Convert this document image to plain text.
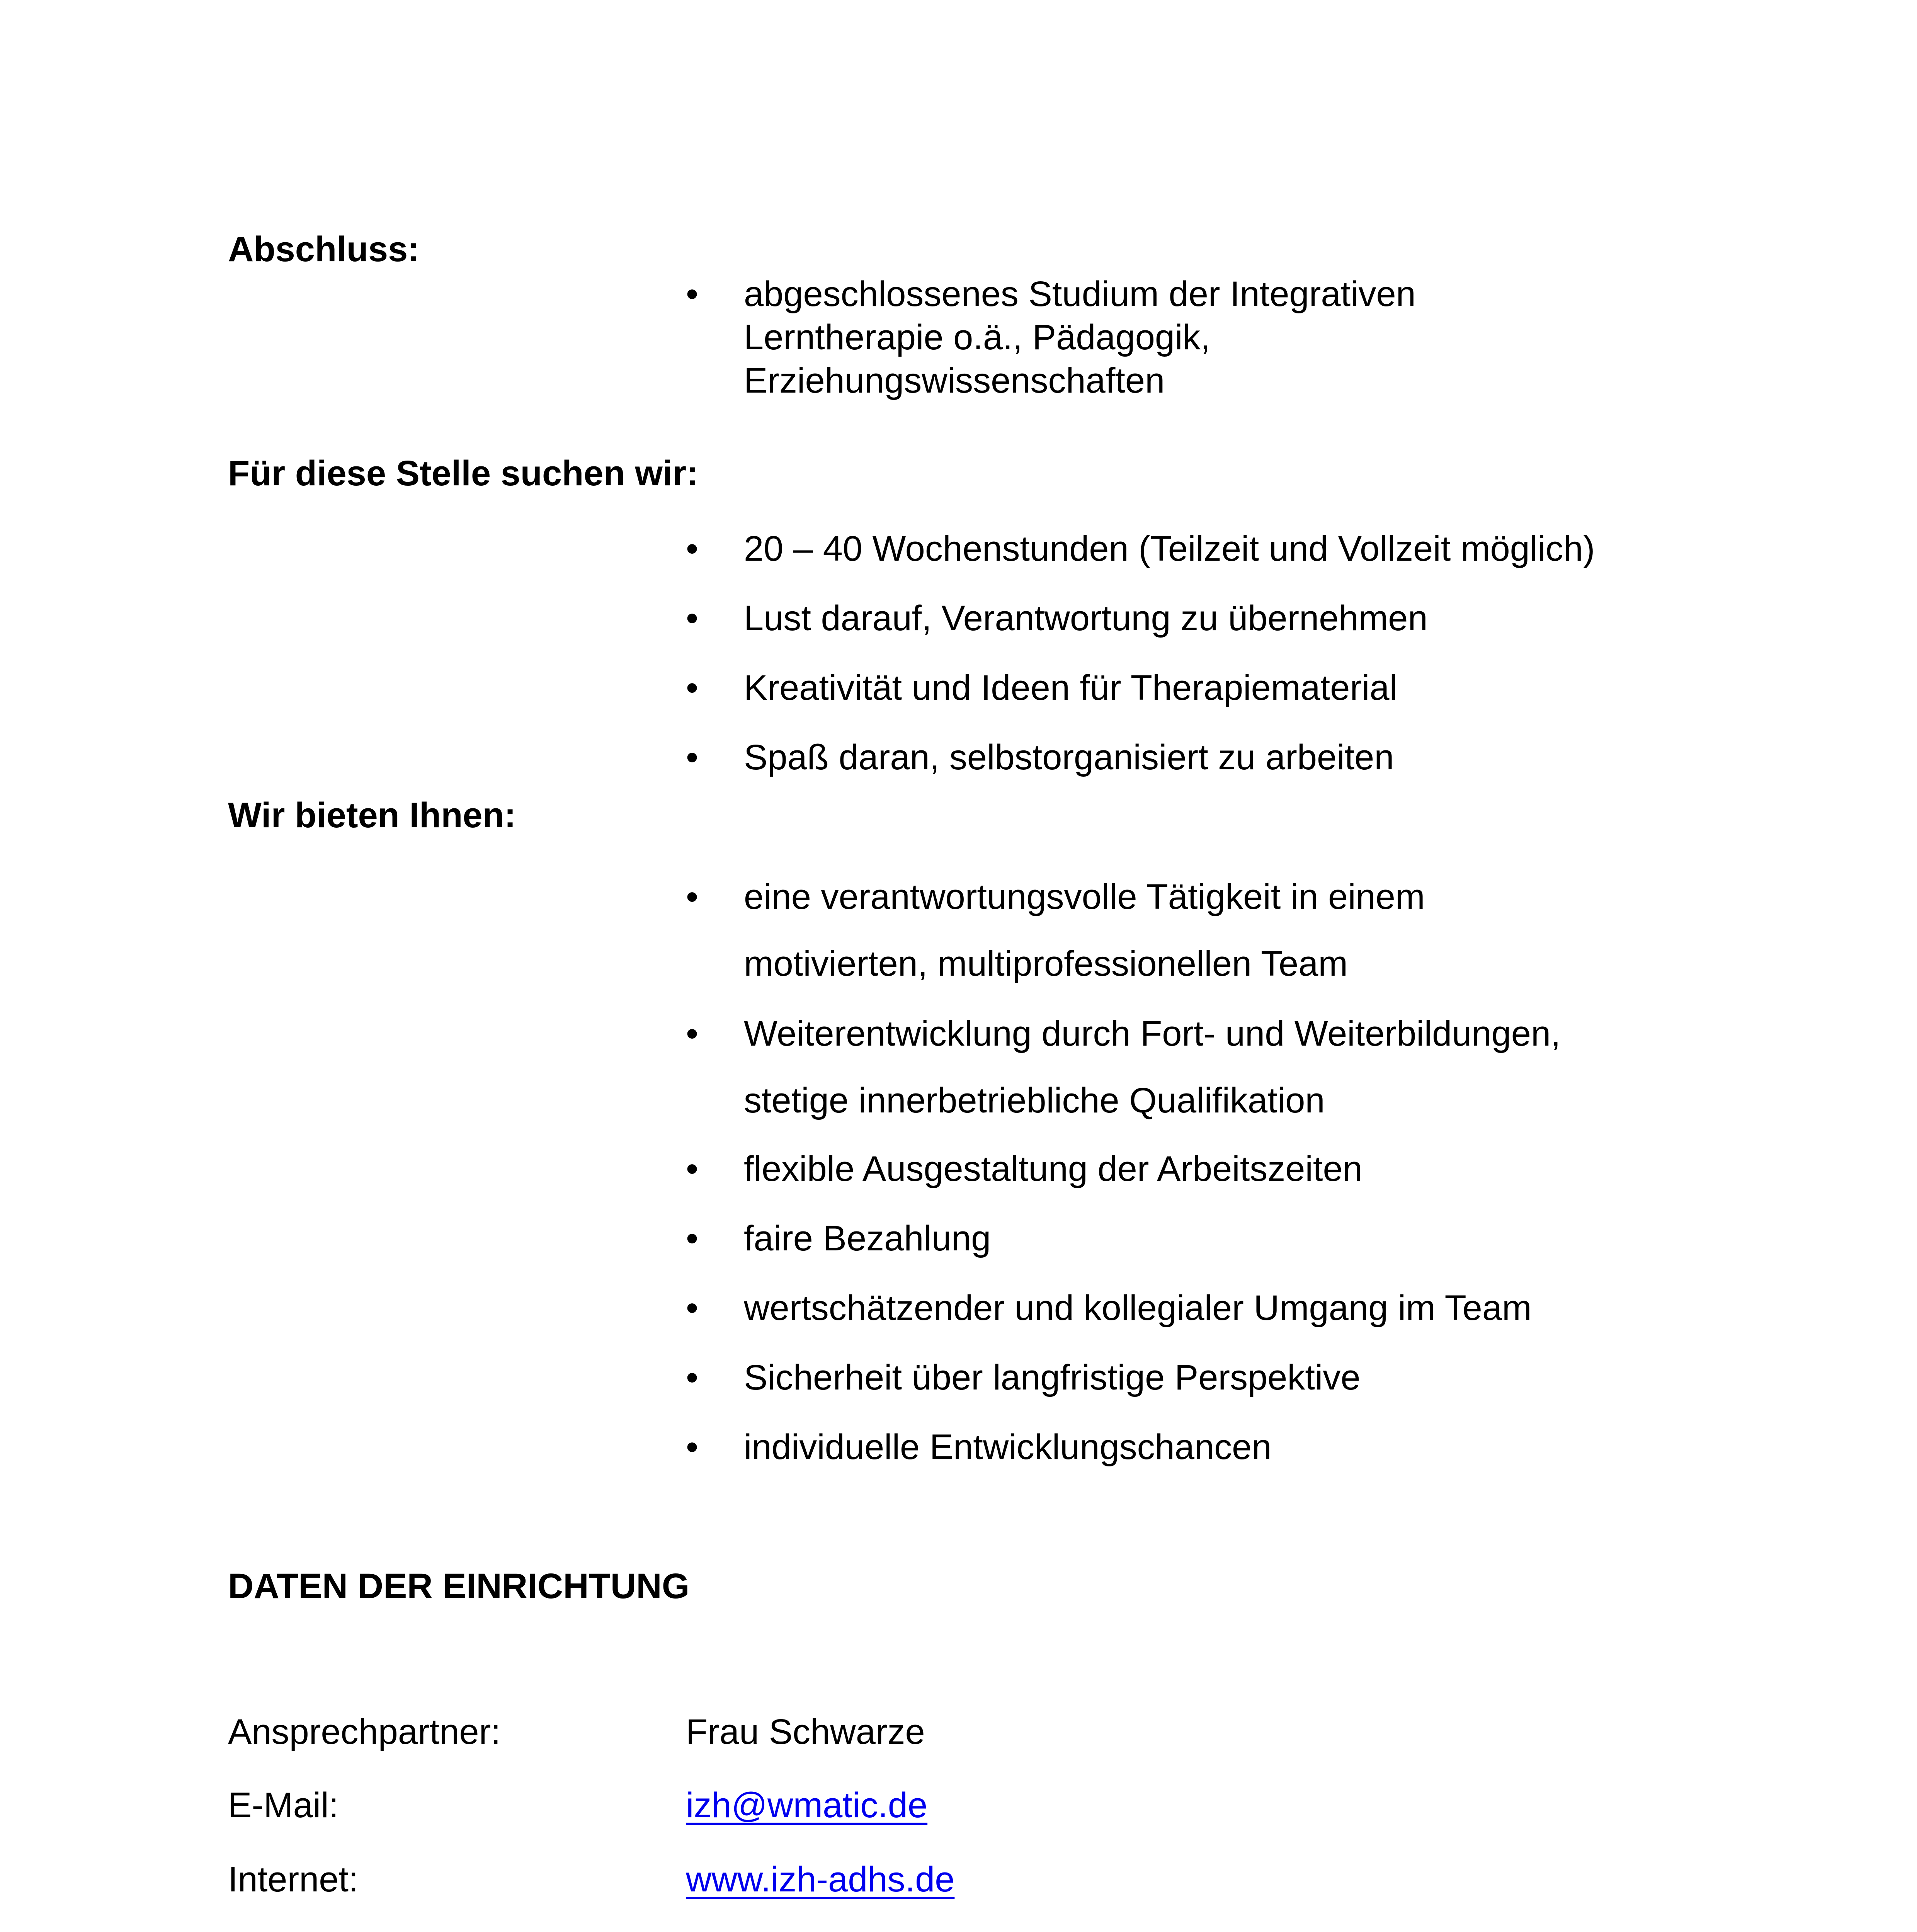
Abschluss:
•	abgeschlossenes Studium der Integrativen
Lerntherapie o.ä., Pädagogik,
Erziehungswissenschaften
Für diese Stelle suchen wir:
•	20 – 40 Wochenstunden (Teilzeit und Vollzeit möglich)
•	Lust darauf, Verantwortung zu übernehmen
•	Kreativität und Ideen für Therapiematerial
•	Spaß daran, selbstorganisiert zu arbeiten
Wir bieten Ihnen:
•	eine verantwortungsvolle Tätigkeit in einem
motivierten, multiprofessionellen Team
•	Weiterentwicklung durch Fort- und Weiterbildungen,
stetige innerbetriebliche Qualifikation
•	flexible Ausgestaltung der Arbeitszeiten
•	faire Bezahlung
•	wertschätzender und kollegialer Umgang im Team
•	Sicherheit über langfristige Perspektive
•	individuelle Entwicklungschancen
DATEN DER EINRICHTUNG
Ansprechpartner:	Frau Schwarze
E-Mail:	izh@wmatic.de
Internet:	www.izh-adhs.de
